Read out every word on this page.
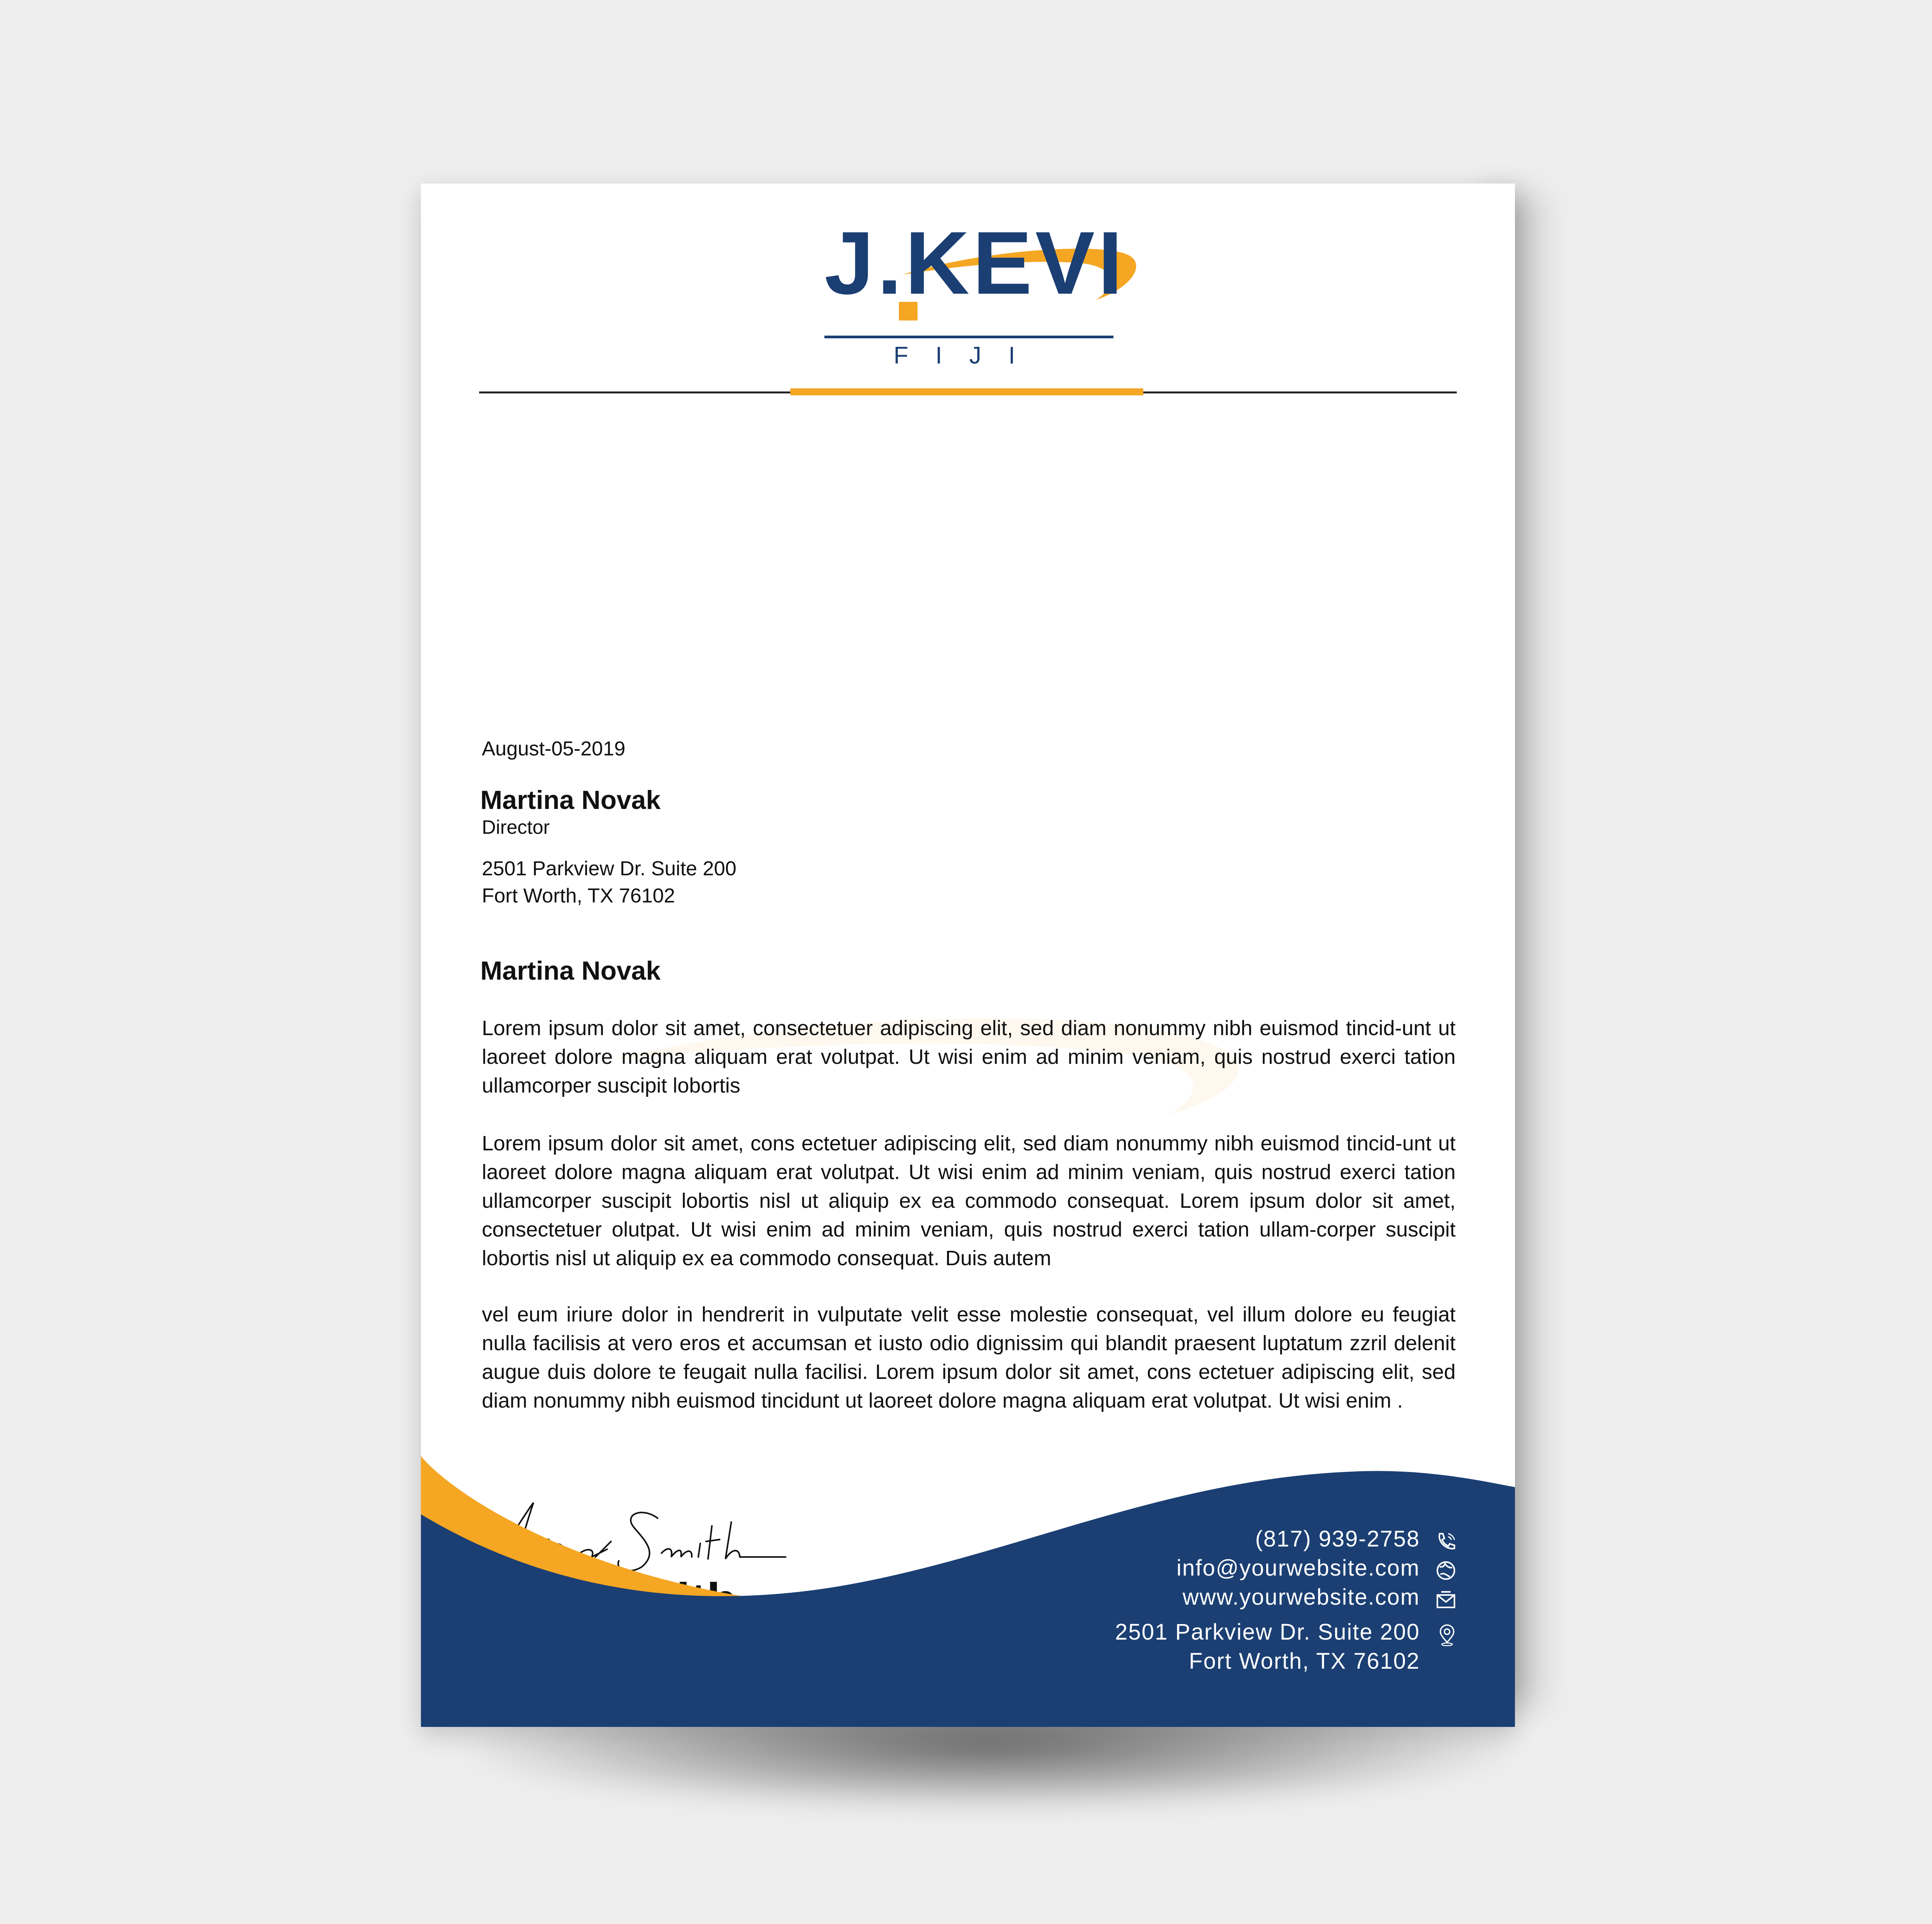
J.KEVI
FIJI
August-05-2019
Martina Novak
Director
2501 Parkview Dr. Suite 200
Fort Worth, TX 76102
Martina Novak

Lorem ipsum dolor sit amet, consectetuer adipiscing elit, sed diam nonummy nibh euismod tincid-unt ut laoreet dolore magna aliquam erat volutpat. Ut wisi enim ad minim veniam, quis nostrud exerci tation ullamcorper suscipit lobortis

Lorem ipsum dolor sit amet, cons ectetuer adipiscing elit, sed diam nonummy nibh euismod tincid-unt ut laoreet dolore magna aliquam erat volutpat. Ut wisi enim ad minim veniam, quis nostrud exerci tation ullamcorper suscipit lobortis nisl ut aliquip ex ea commodo consequat. Lorem ipsum dolor sit amet, consectetuer olutpat. Ut wisi enim ad minim veniam, quis nostrud exerci tation ullam-corper suscipit lobortis nisl ut aliquip ex ea commodo consequat. Duis autem

vel eum iriure dolor in hendrerit in vulputate velit esse molestie consequat, vel illum dolore eu feugiat nulla facilisis at vero eros et accumsan et iusto odio dignissim qui blandit praesent luptatum zzril delenit augue duis dolore te feugait nulla facilisi. Lorem ipsum dolor sit amet, cons ectetuer adipiscing elit, sed diam nonummy nibh euismod tincidunt ut laoreet dolore magna aliquam erat volutpat. Ut wisi enim .

(817) 939-2758
info@yourwebsite.com
www.yourwebsite.com
2501 Parkview Dr. Suite 200
Fort Worth, TX 76102
